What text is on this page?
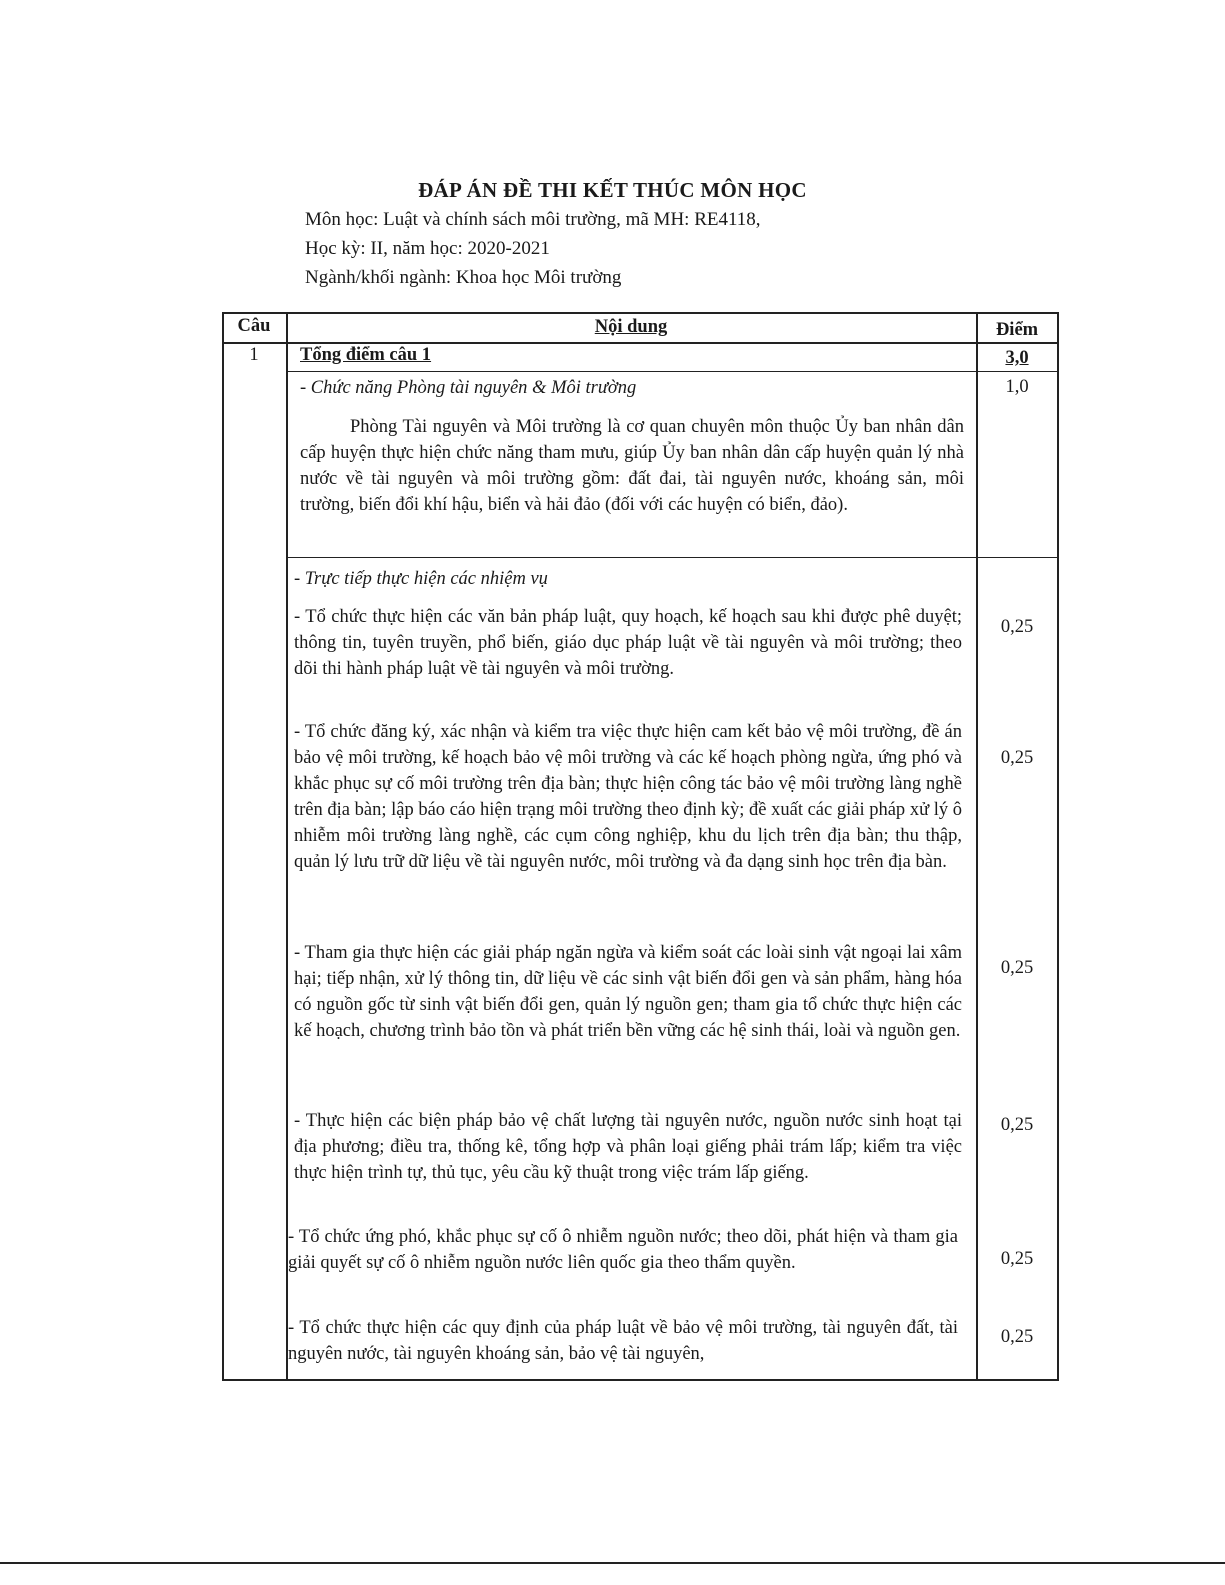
ĐÁP ÁN ĐỀ THI KẾT THÚC MÔN HỌC
Môn học: Luật và chính sách môi trường, mã MH: RE4118,
Học kỳ: II, năm học: 2020-2021
Ngành/khối ngành: Khoa học Môi trường
Câu	Nội dung	Điểm
1	Tổng điểm câu 1	3,0
- Chức năng Phòng tài nguyên & Môi trường	1,0
Phòng Tài nguyên và Môi trường là cơ quan chuyên môn thuộc Ủy ban nhân dân cấp huyện thực hiện chức năng tham mưu, giúp Ủy ban nhân dân cấp huyện quản lý nhà nước về tài nguyên và môi trường gồm: đất đai, tài nguyên nước, khoáng sản, môi trường, biến đổi khí hậu, biển và hải đảo (đối với các huyện có biển, đảo).
- Trực tiếp thực hiện các nhiệm vụ
- Tổ chức thực hiện các văn bản pháp luật, quy hoạch, kế hoạch sau khi được phê duyệt; thông tin, tuyên truyền, phổ biến, giáo dục pháp luật về tài nguyên và môi trường; theo dõi thi hành pháp luật về tài nguyên và môi trường.
0,25
- Tổ chức đăng ký, xác nhận và kiểm tra việc thực hiện cam kết bảo vệ môi trường, đề án bảo vệ môi trường, kế hoạch bảo vệ môi trường và các kế hoạch phòng ngừa, ứng phó và khắc phục sự cố môi trường trên địa bàn; thực hiện công tác bảo vệ môi trường làng nghề trên địa bàn; lập báo cáo hiện trạng môi trường theo định kỳ; đề xuất các giải pháp xử lý ô nhiễm môi trường làng nghề, các cụm công nghiệp, khu du lịch trên địa bàn; thu thập, quản lý lưu trữ dữ liệu về tài nguyên nước, môi trường và đa dạng sinh học trên địa bàn.
0,25
- Tham gia thực hiện các giải pháp ngăn ngừa và kiểm soát các loài sinh vật ngoại lai xâm hại; tiếp nhận, xử lý thông tin, dữ liệu về các sinh vật biến đổi gen và sản phẩm, hàng hóa có nguồn gốc từ sinh vật biến đổi gen, quản lý nguồn gen; tham gia tổ chức thực hiện các kế hoạch, chương trình bảo tồn và phát triển bền vững các hệ sinh thái, loài và nguồn gen.
0,25
- Thực hiện các biện pháp bảo vệ chất lượng tài nguyên nước, nguồn nước sinh hoạt tại địa phương; điều tra, thống kê, tổng hợp và phân loại giếng phải trám lấp; kiểm tra việc thực hiện trình tự, thủ tục, yêu cầu kỹ thuật trong việc trám lấp giếng.
0,25
- Tổ chức ứng phó, khắc phục sự cố ô nhiễm nguồn nước; theo dõi, phát hiện và tham gia giải quyết sự cố ô nhiễm nguồn nước liên quốc gia theo thẩm quyền.	0,25
- Tổ chức thực hiện các quy định của pháp luật về bảo vệ môi trường, tài nguyên đất, tài nguyên nước, tài nguyên khoáng sản, bảo vệ tài nguyên,
0,25
